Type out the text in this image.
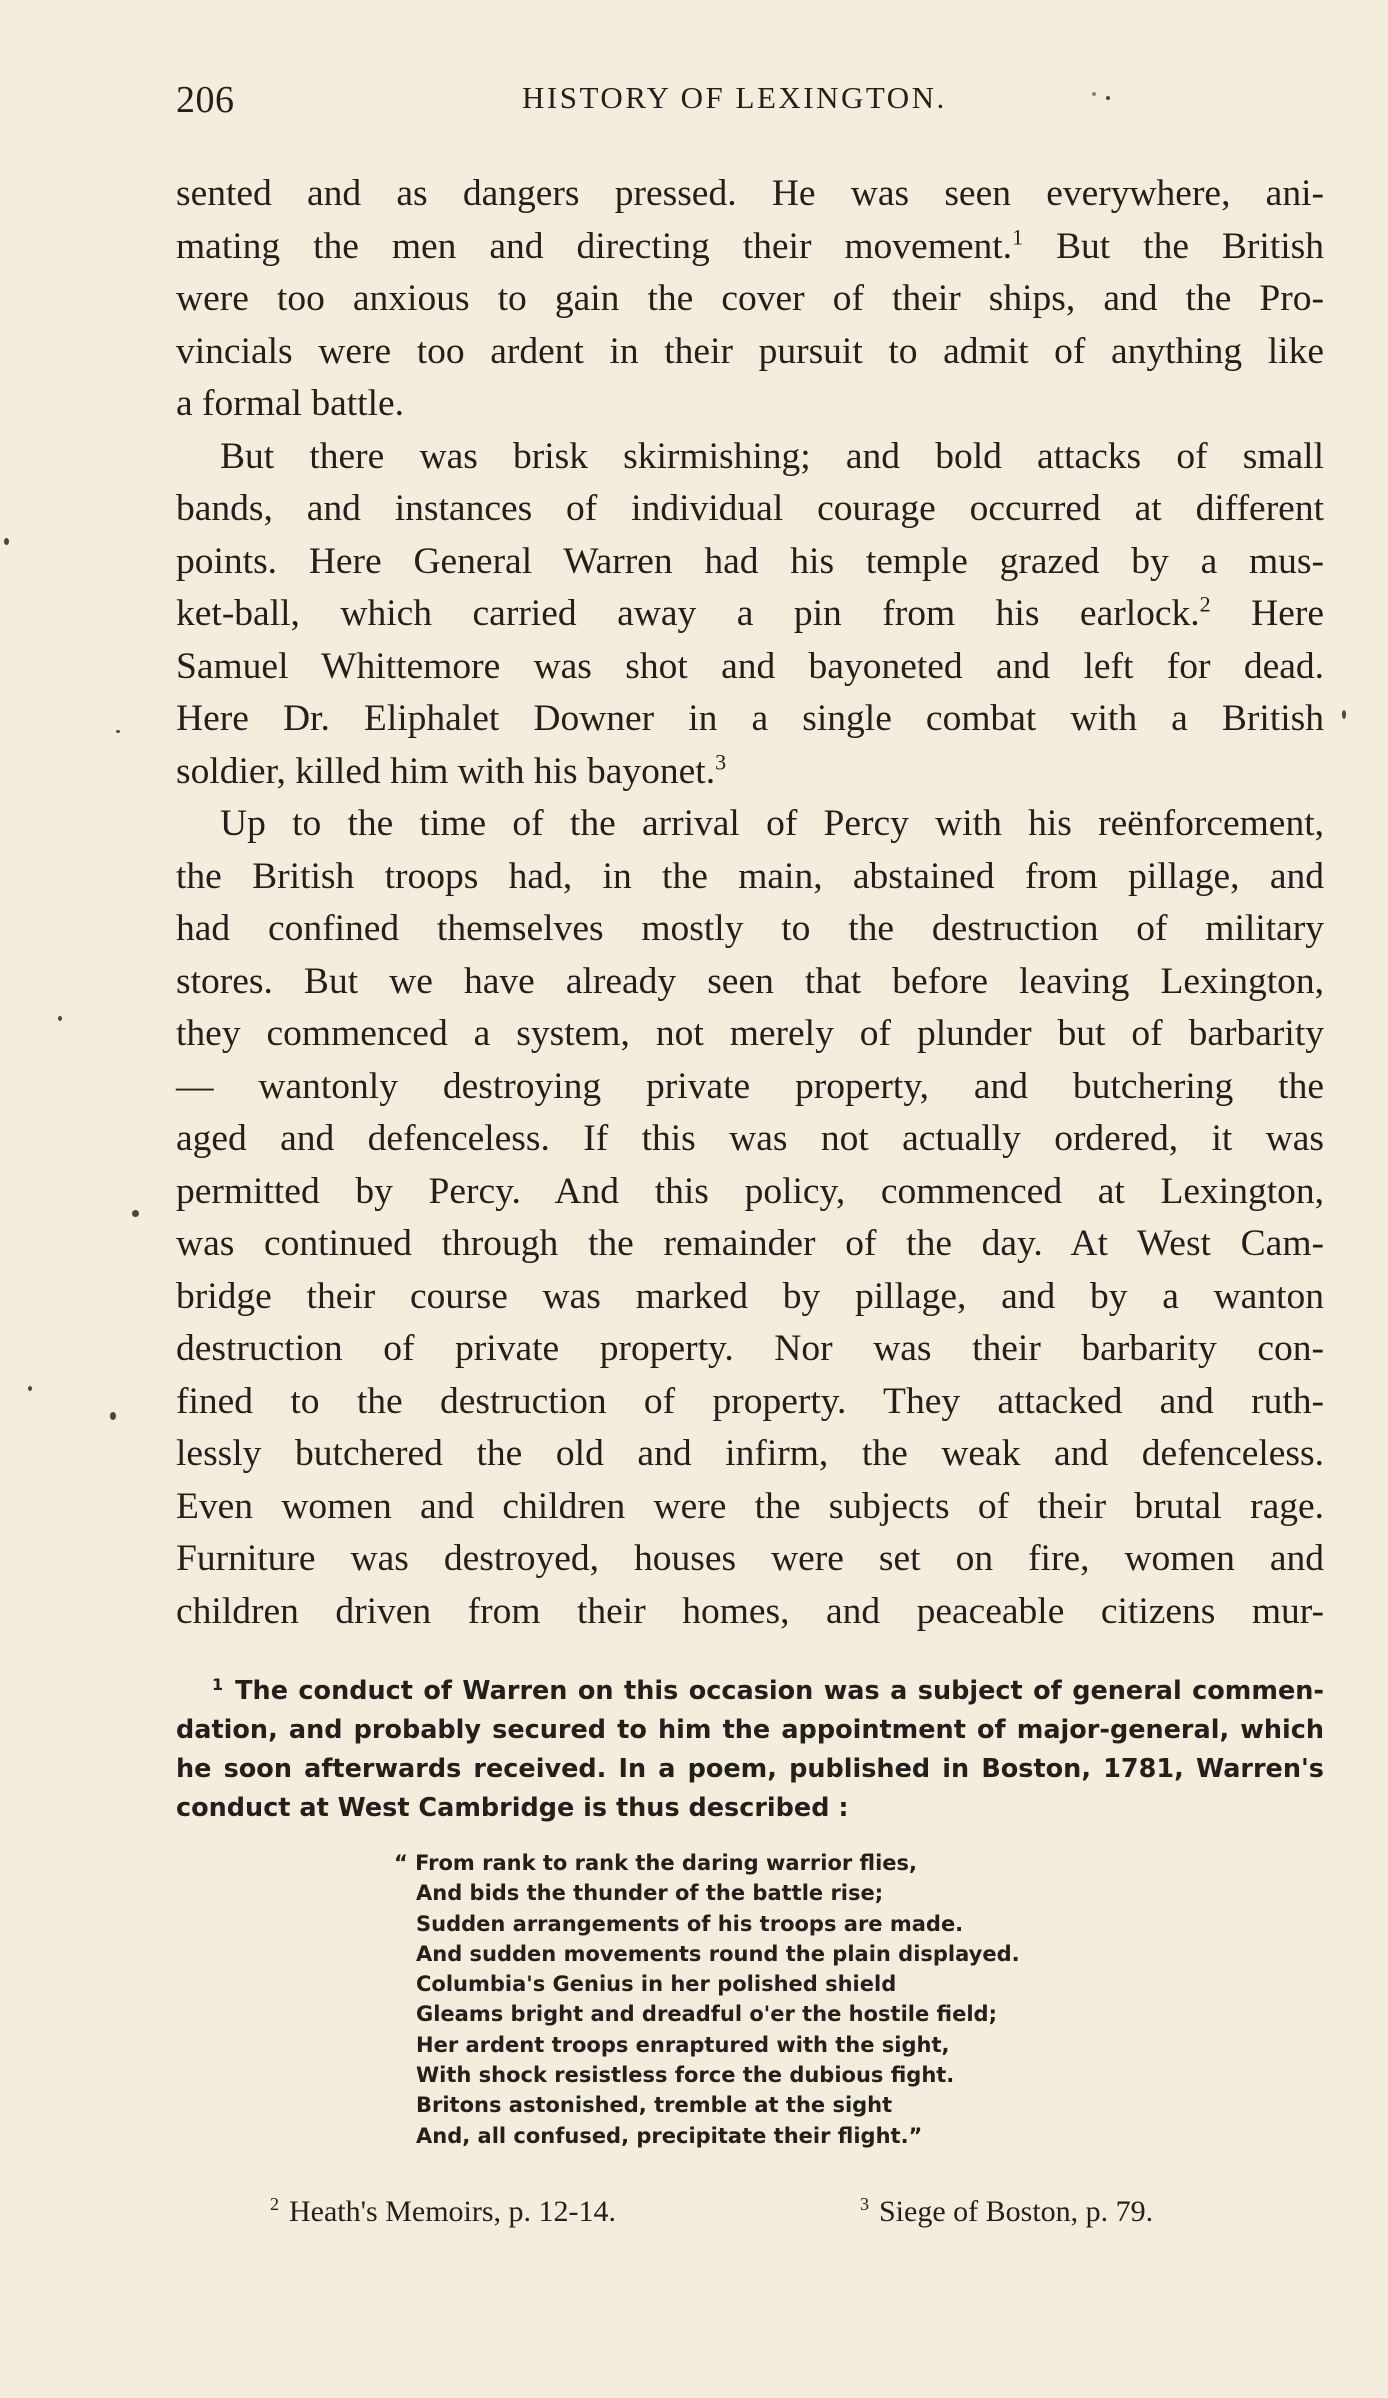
206	HISTORY OF LEXINGTON.
sented and as dangers pressed. He was seen everywhere, ani-
mating the men and directing their movement.$^1$ But the British
were too anxious to gain the cover of their ships, and the Pro-
vincials were too ardent in their pursuit to admit of anything like
a formal battle.
But there was brisk skirmishing; and bold attacks of small
bands, and instances of individual courage occurred at different
points. Here General Warren had his temple grazed by a mus-
ket-ball, which carried away a pin from his earlock.$^2$ Here
Samuel Whittemore was shot and bayoneted and left for dead.
Here Dr. Eliphalet Downer in a single combat with a British
soldier, killed him with his bayonet.$^3$
Up to the time of the arrival of Percy with his reënforcement,
the British troops had, in the main, abstained from pillage, and
had confined themselves mostly to the destruction of military
stores. But we have already seen that before leaving Lexington,
they commenced a system, not merely of plunder but of barbarity
— wantonly destroying private property, and butchering the
aged and defenceless. If this was not actually ordered, it was
permitted by Percy. And this policy, commenced at Lexington,
was continued through the remainder of the day. At West Cam-
bridge their course was marked by pillage, and by a wanton
destruction of private property. Nor was their barbarity con-
fined to the destruction of property. They attacked and ruth-
lessly butchered the old and infirm, the weak and defenceless.
Even women and children were the subjects of their brutal rage.
Furniture was destroyed, houses were set on fire, women and
children driven from their homes, and peaceable citizens mur-
$^1$ The conduct of Warren on this occasion was a subject of general commen-
dation, and probably secured to him the appointment of major-general, which
he soon afterwards received. In a poem, published in Boston, 1781, Warren's
conduct at West Cambridge is thus described :
“ From rank to rank the daring warrior flies,
And bids the thunder of the battle rise;
Sudden arrangements of his troops are made.
And sudden movements round the plain displayed.
Columbia's Genius in her polished shield
Gleams bright and dreadful o'er the hostile field;
Her ardent troops enraptured with the sight,
With shock resistless force the dubious fight.
Britons astonished, tremble at the sight
And, all confused, precipitate their flight.”
$^2$ Heath's Memoirs, p. 12-14.	$^3$ Siege of Boston, p. 79.
